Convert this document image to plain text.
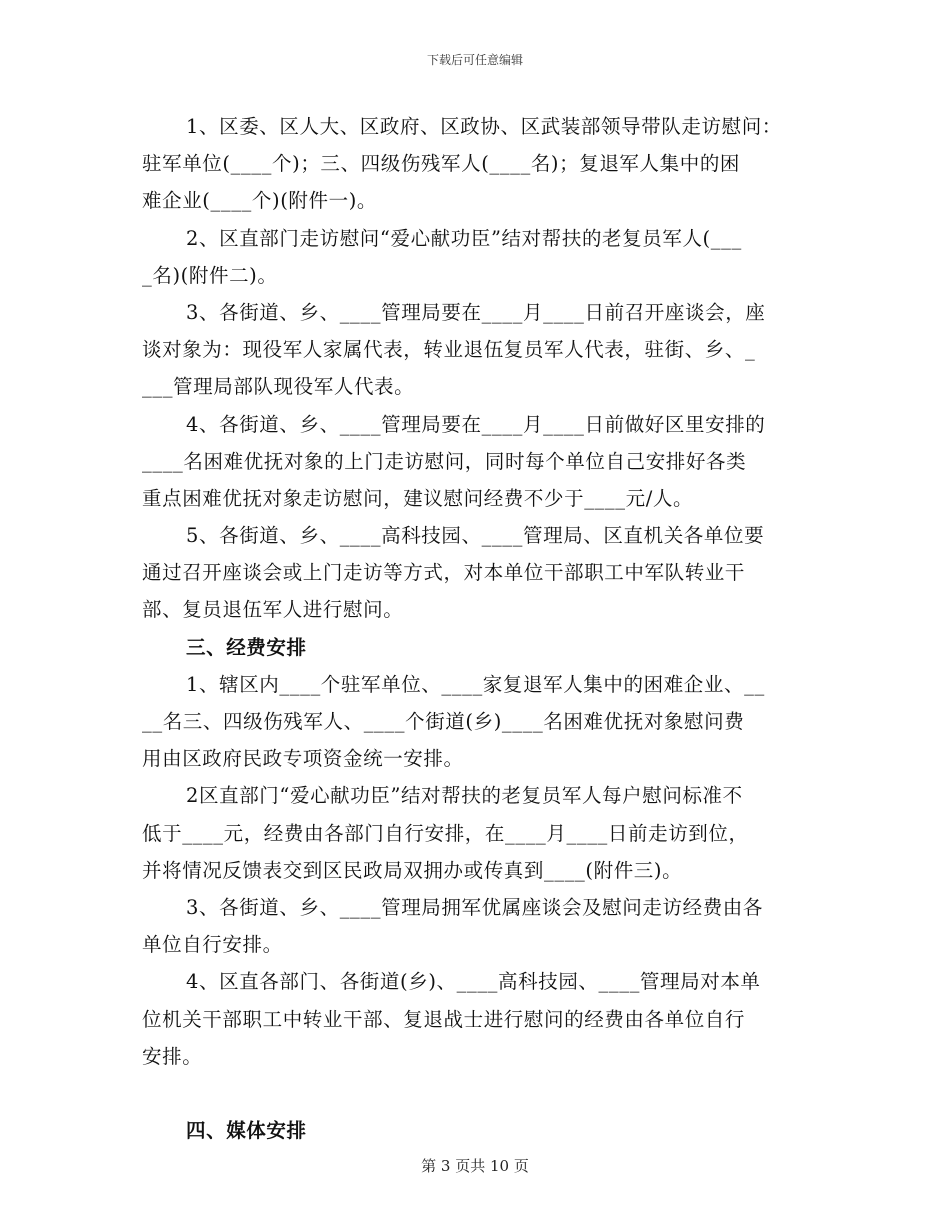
下载后可任意编辑
1、区委、区人大、区政府、区政协、区武装部领导带队走访慰问：
驻军单位(____个)；三、四级伤残军人(____名)；复退军人集中的困
难企业(____个)(附件一)。
2、区直部门走访慰问“爱心献功臣”结对帮扶的老复员军人(___
_名)(附件二)。
3、各街道、乡、____管理局要在____月____日前召开座谈会，座
谈对象为：现役军人家属代表，转业退伍复员军人代表，驻街、乡、_
___管理局部队现役军人代表。
4、各街道、乡、____管理局要在____月____日前做好区里安排的
____名困难优抚对象的上门走访慰问，同时每个单位自己安排好各类
重点困难优抚对象走访慰问，建议慰问经费不少于____元/人。
5、各街道、乡、____高科技园、____管理局、区直机关各单位要
通过召开座谈会或上门走访等方式，对本单位干部职工中军队转业干
部、复员退伍军人进行慰问。
三、经费安排
1、辖区内____个驻军单位、____家复退军人集中的困难企业、__
__名三、四级伤残军人、____个街道(乡)____名困难优抚对象慰问费
用由区政府民政专项资金统一安排。
2区直部门“爱心献功臣”结对帮扶的老复员军人每户慰问标准不
低于____元，经费由各部门自行安排，在____月____日前走访到位，
并将情况反馈表交到区民政局双拥办或传真到____(附件三)。
3、各街道、乡、____管理局拥军优属座谈会及慰问走访经费由各
单位自行安排。
4、区直各部门、各街道(乡)、____高科技园、____管理局对本单
位机关干部职工中转业干部、复退战士进行慰问的经费由各单位自行
安排。
四、媒体安排
第 3 页共 10 页
